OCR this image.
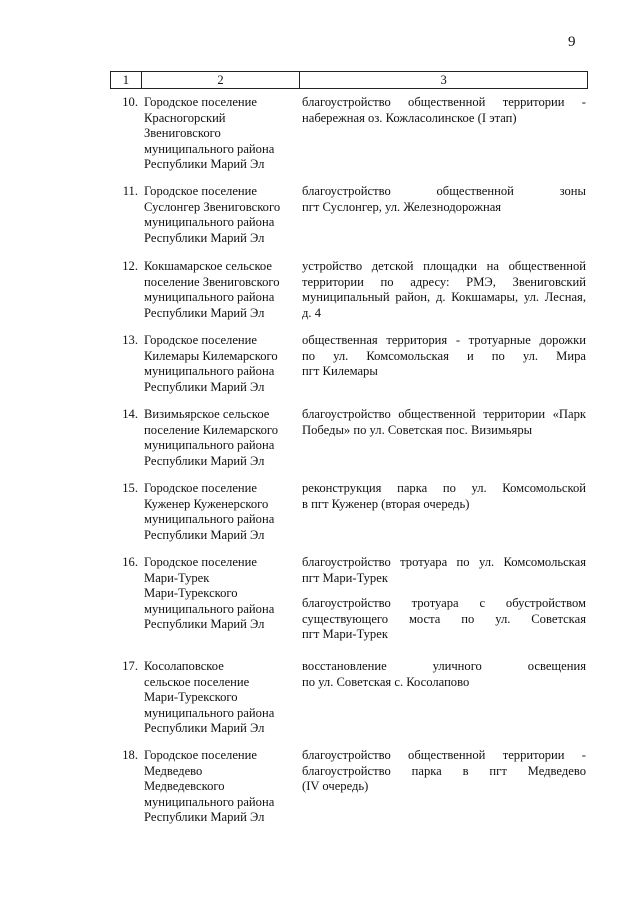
9
1	2	3
10. Городское поселение
Красногорский
Звениговского
муниципального района
Республики Марий Эл

благоустройство общественной территории -
набережная оз. Кожласолинское (I этап)

11. Городское поселение
Суслонгер Звениговского
муниципального района
Республики Марий Эл

благоустройство общественной зоны
пгт Суслонгер, ул. Железнодорожная

12. Кокшамарское сельское
поселение Звениговского
муниципального района
Республики Марий Эл

устройство детской площадки на общественной
территории по адресу: РМЭ, Звениговский
муниципальный район, д. Кокшамары, ул. Лесная,
д. 4

13. Городское поселение
Килемары Килемарского
муниципального района
Республики Марий Эл

общественная территория - тротуарные дорожки
по ул. Комсомольская и по ул. Мира
пгт Килемары

14. Визимьярское сельское
поселение Килемарского
муниципального района
Республики Марий Эл

благоустройство общественной территории «Парк
Победы» по ул. Советская пос. Визимьяры

15. Городское поселение
Куженер Куженерского
муниципального района
Республики Марий Эл

реконструкция парка по ул. Комсомольской
в пгт Куженер (вторая очередь)

16. Городское поселение
Мари-Турек
Мари-Турекского
муниципального района
Республики Марий Эл

благоустройство тротуара по ул. Комсомольская
пгт Мари-Турек

благоустройство тротуара с обустройством
существующего моста по ул. Советская
пгт Мари-Турек

17. Косолаповское
сельское поселение
Мари-Турекского
муниципального района
Республики Марий Эл

восстановление уличного освещения
по ул. Советская с. Косолапово

18. Городское поселение
Медведево
Медведевского
муниципального района
Республики Марий Эл

благоустройство общественной территории -
благоустройство парка в пгт Медведево
(IV очередь)
